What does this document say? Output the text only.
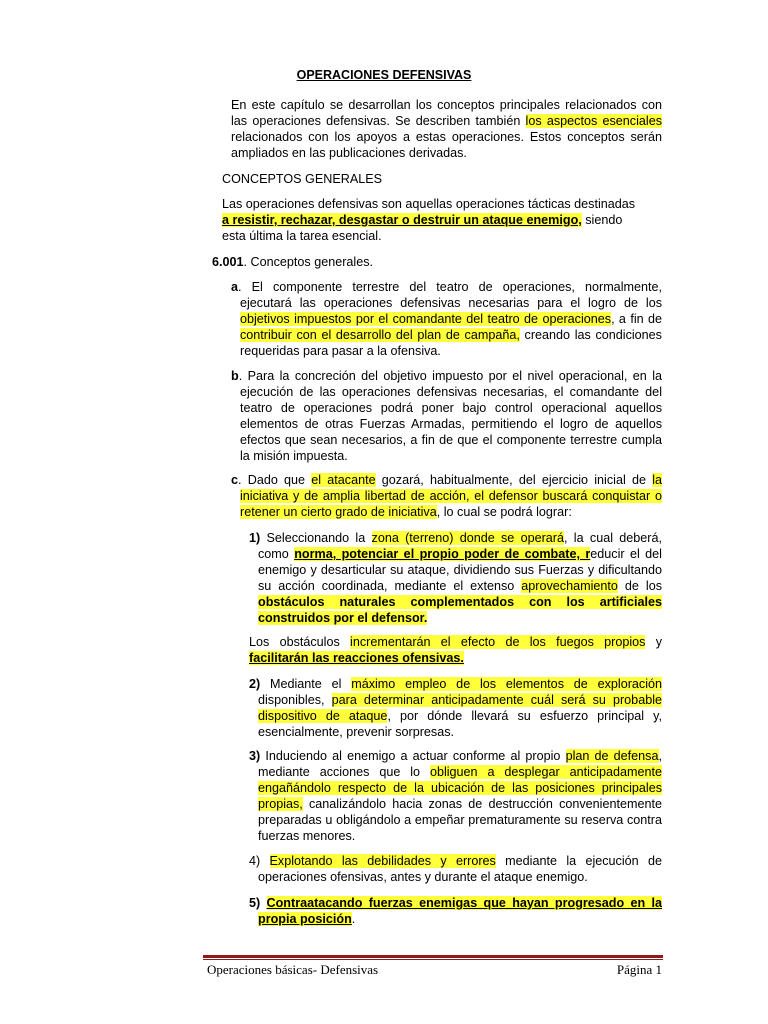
OPERACIONES DEFENSIVAS

En este capítulo se desarrollan los conceptos principales relacionados con las operaciones defensivas. Se describen también los aspectos esenciales relacionados con los apoyos a estas operaciones. Estos conceptos serán ampliados en las publicaciones derivadas.

CONCEPTOS GENERALES

Las operaciones defensivas son aquellas operaciones tácticas destinadas a resistir, rechazar, desgastar o destruir un ataque enemigo, siendo esta última la tarea esencial.

6.001. Conceptos generales.

a. El componente terrestre del teatro de operaciones, normalmente, ejecutará las operaciones defensivas necesarias para el logro de los objetivos impuestos por el comandante del teatro de operaciones, a fin de contribuir con el desarrollo del plan de campaña, creando las condiciones requeridas para pasar a la ofensiva.

b. Para la concreción del objetivo impuesto por el nivel operacional, en la ejecución de las operaciones defensivas necesarias, el comandante del teatro de operaciones podrá poner bajo control operacional aquellos elementos de otras Fuerzas Armadas, permitiendo el logro de aquellos efectos que sean necesarios, a fin de que el componente terrestre cumpla la misión impuesta.

c. Dado que el atacante gozará, habitualmente, del ejercicio inicial de la iniciativa y de amplia libertad de acción, el defensor buscará conquistar o retener un cierto grado de iniciativa, lo cual se podrá lograr:

1) Seleccionando la zona (terreno) donde se operará, la cual deberá, como norma, potenciar el propio poder de combate, reducir el del enemigo y desarticular su ataque, dividiendo sus Fuerzas y dificultando su acción coordinada, mediante el extenso aprovechamiento de los obstáculos naturales complementados con los artificiales construidos por el defensor.

Los obstáculos incrementarán el efecto de los fuegos propios y facilitarán las reacciones ofensivas.

2) Mediante el máximo empleo de los elementos de exploración disponibles, para determinar anticipadamente cuál será su probable dispositivo de ataque, por dónde llevará su esfuerzo principal y, esencialmente, prevenir sorpresas.

3) Induciendo al enemigo a actuar conforme al propio plan de defensa, mediante acciones que lo obliguen a desplegar anticipadamente engañándolo respecto de la ubicación de las posiciones principales propias, canalizándolo hacia zonas de destrucción convenientemente preparadas u obligándolo a empeñar prematuramente su reserva contra fuerzas menores.

4) Explotando las debilidades y errores mediante la ejecución de operaciones ofensivas, antes y durante el ataque enemigo.

5) Contraatacando fuerzas enemigas que hayan progresado en la propia posición.

Operaciones básicas- Defensivas	Página 1
